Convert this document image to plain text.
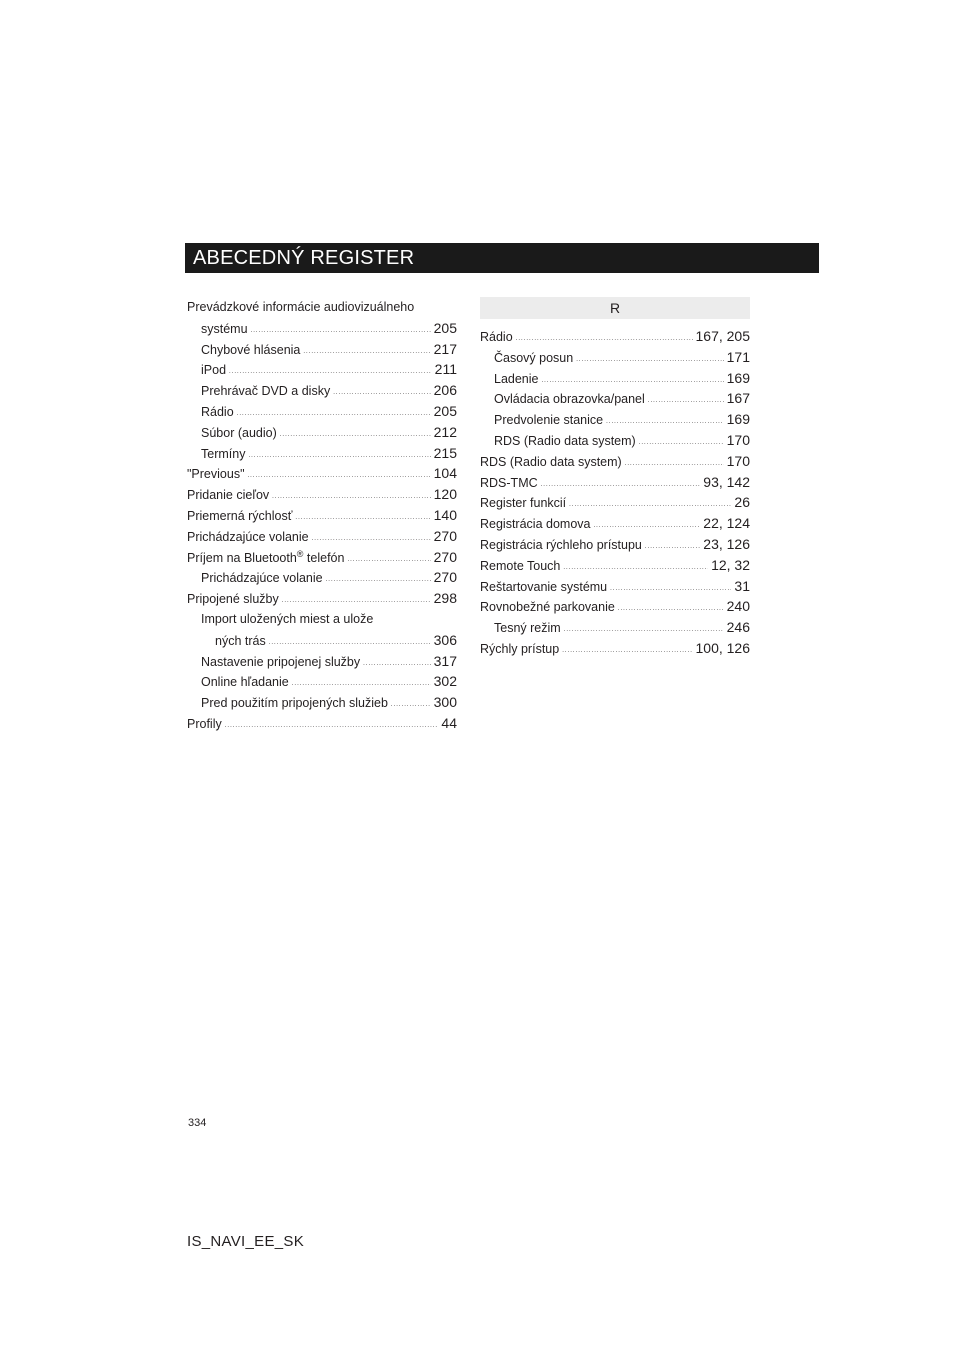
ABECEDNÝ REGISTER
Prevádzkové informácie audiovizuálneho
systému .....	205
Chybové hlásenia .....	217
iPod .....	211
Prehrávač DVD a disky .....	206
Rádio .....	205
Súbor (audio) .....	212
Termíny .....	215
"Previous" .....	104
Pridanie cieľov .....	120
Priemerná rýchlosť .....	140
Prichádzajúce volanie .....	270
Príjem na Bluetooth® telefón .....	270
Prichádzajúce volanie .....	270
Pripojené služby .....	298
Import uložených miest a ulože
ných trás .....	306
Nastavenie pripojenej služby .....	317
Online hľadanie .....	302
Pred použitím pripojených služieb .....	300
Profily .....	44
R
Rádio .....	167, 205
Časový posun .....	171
Ladenie .....	169
Ovládacia obrazovka/panel .....	167
Predvolenie stanice .....	169
RDS (Radio data system) .....	170
RDS (Radio data system) .....	170
RDS-TMC .....	93, 142
Register funkcií .....	26
Registrácia domova .....	22, 124
Registrácia rýchleho prístupu .....	23, 126
Remote Touch .....	12, 32
Reštartovanie systému .....	31
Rovnobežné parkovanie .....	240
Tesný režim .....	246
Rýchly prístup .....	100, 126
334
IS_NAVI_EE_SK
